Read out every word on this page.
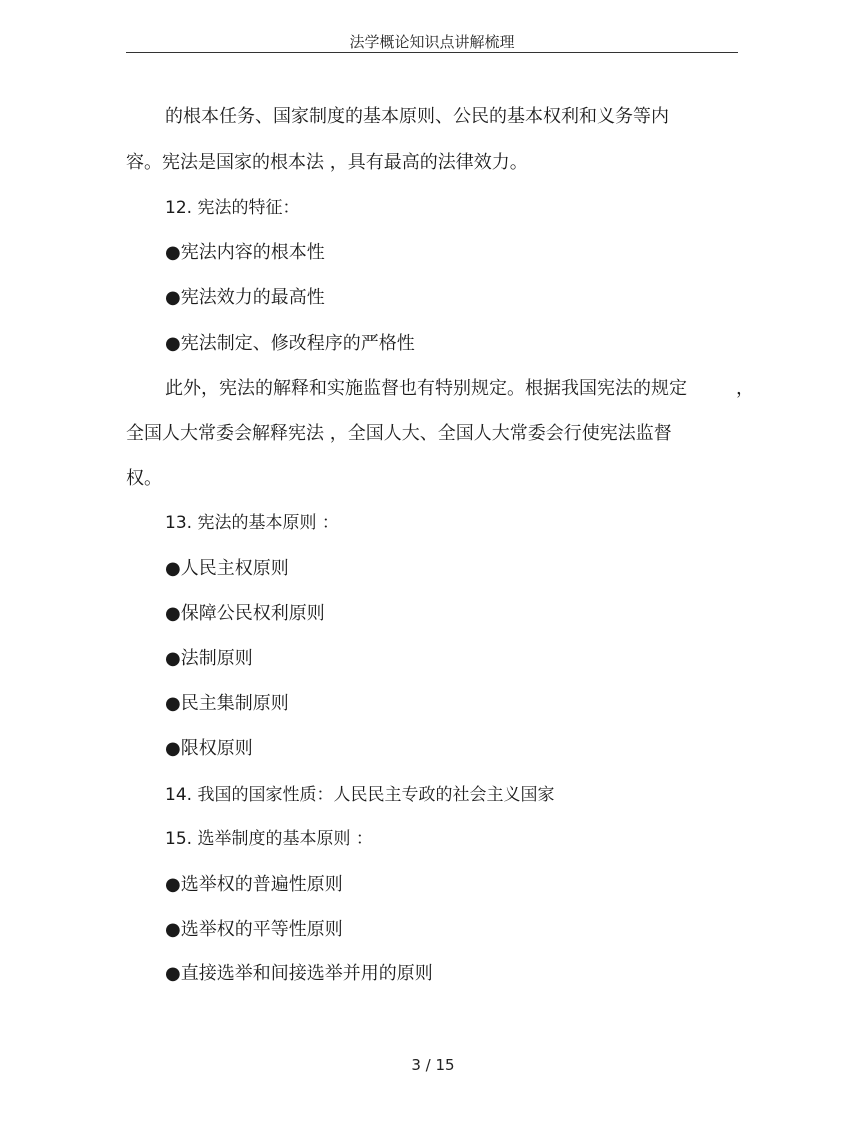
法学概论知识点讲解梳理
的根本任务、国家制度的基本原则、公民的基本权利和义务等内
容。宪法是国家的根本法 ，具有最高的法律效力。
12. 宪法的特征：
●宪法内容的根本性
●宪法效力的最高性
●宪法制定、修改程序的严格性
此外，宪法的解释和实施监督也有特别规定。根据我国宪法的规定	，
全国人大常委会解释宪法 ，全国人大、全国人大常委会行使宪法监督
权。
13. 宪法的基本原则 ：
●人民主权原则
●保障公民权利原则
●法制原则
●民主集制原则
●限权原则
14. 我国的国家性质：人民民主专政的社会主义国家
15. 选举制度的基本原则 ：
●选举权的普遍性原则
●选举权的平等性原则
●直接选举和间接选举并用的原则
3 / 15
